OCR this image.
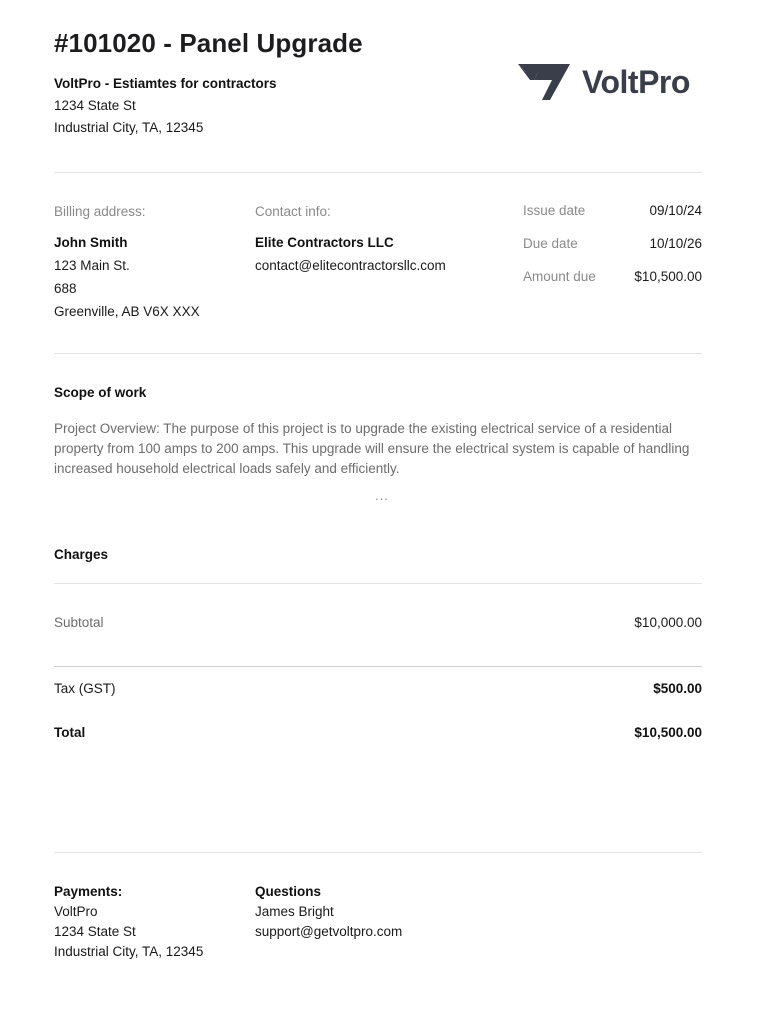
#101020 - Panel Upgrade
VoltPro - Estiamtes for contractors
1234 State St
Industrial City, TA, 12345
VoltPro
Billing address:
John Smith
123 Main St.
688
Greenville, AB V6X XXX
Contact info:
Elite Contractors LLC
contact@elitecontractorsllc.com
Issue date	09/10/24
Due date	10/10/26
Amount due	$10,500.00
Scope of work
Project Overview: The purpose of this project is to upgrade the existing electrical service of a residential property from 100 amps to 200 amps. This upgrade will ensure the electrical system is capable of handling increased household electrical loads safely and efficiently.
...
Charges
Subtotal	$10,000.00
Tax (GST)	$500.00
Total	$10,500.00
Payments:
VoltPro
1234 State St
Industrial City, TA, 12345
Questions
James Bright
support@getvoltpro.com
